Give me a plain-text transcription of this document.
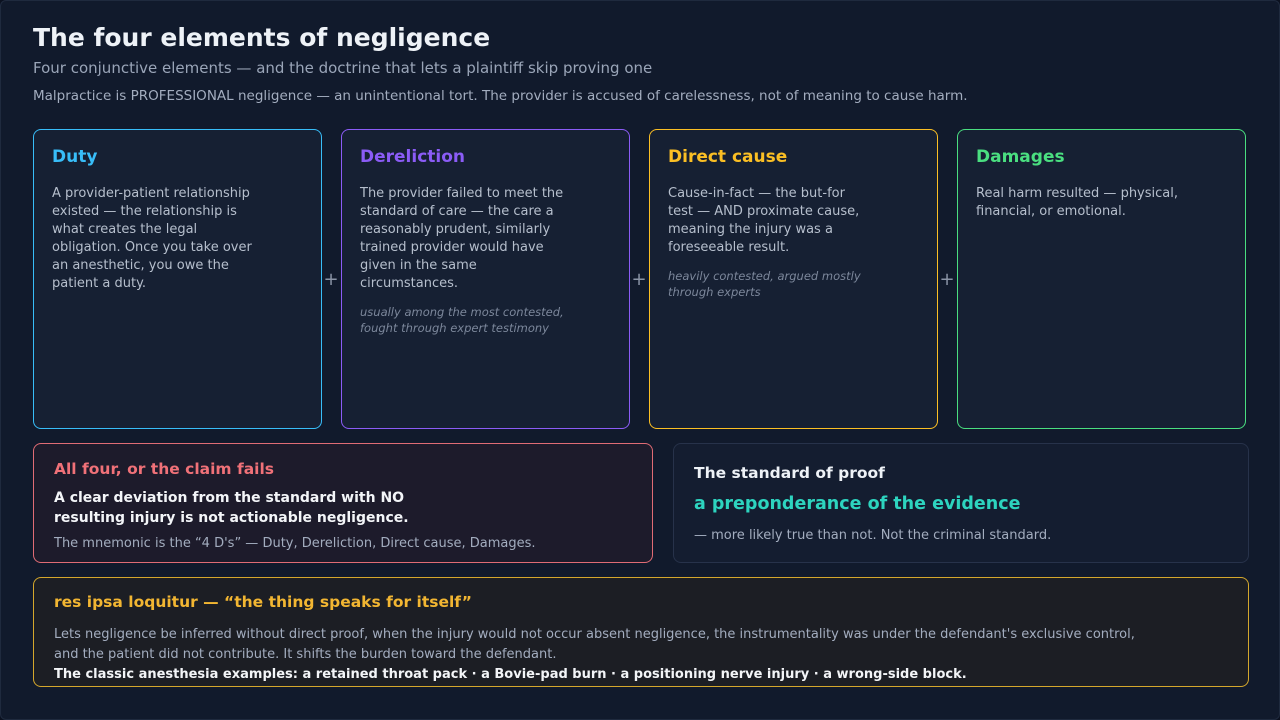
The four elements of negligence
Four conjunctive elements — and the doctrine that lets a plaintiff skip proving one
Malpractice is PROFESSIONAL negligence — an unintentional tort. The provider is accused of carelessness, not of meaning to cause harm.
Duty
A provider-patient relationship existed — the relationship is what creates the legal obligation. Once you take over an anesthetic, you owe the patient a duty.	+
Dereliction
The provider failed to meet the standard of care — the care a reasonably prudent, similarly trained provider would have given in the same circumstances.
usually among the most contested, fought through expert testimony
+
Direct cause
Cause-in-fact — the but-for test — AND proximate cause, meaning the injury was a foreseeable result.
heavily contested, argued mostly through experts
+
Damages
Real harm resulted — physical, financial, or emotional.
All four, or the claim fails
A clear deviation from the standard with NO resulting injury is not actionable negligence.
The mnemonic is the “4 D's” — Duty, Dereliction, Direct cause, Damages.
The standard of proof
a preponderance of the evidence
— more likely true than not. Not the criminal standard.
res ipsa loquitur — “the thing speaks for itself”
Lets negligence be inferred without direct proof, when the injury would not occur absent negligence, the instrumentality was under the defendant's exclusive control, and the patient did not contribute. It shifts the burden toward the defendant.
The classic anesthesia examples: a retained throat pack · a Bovie-pad burn · a positioning nerve injury · a wrong-side block.
